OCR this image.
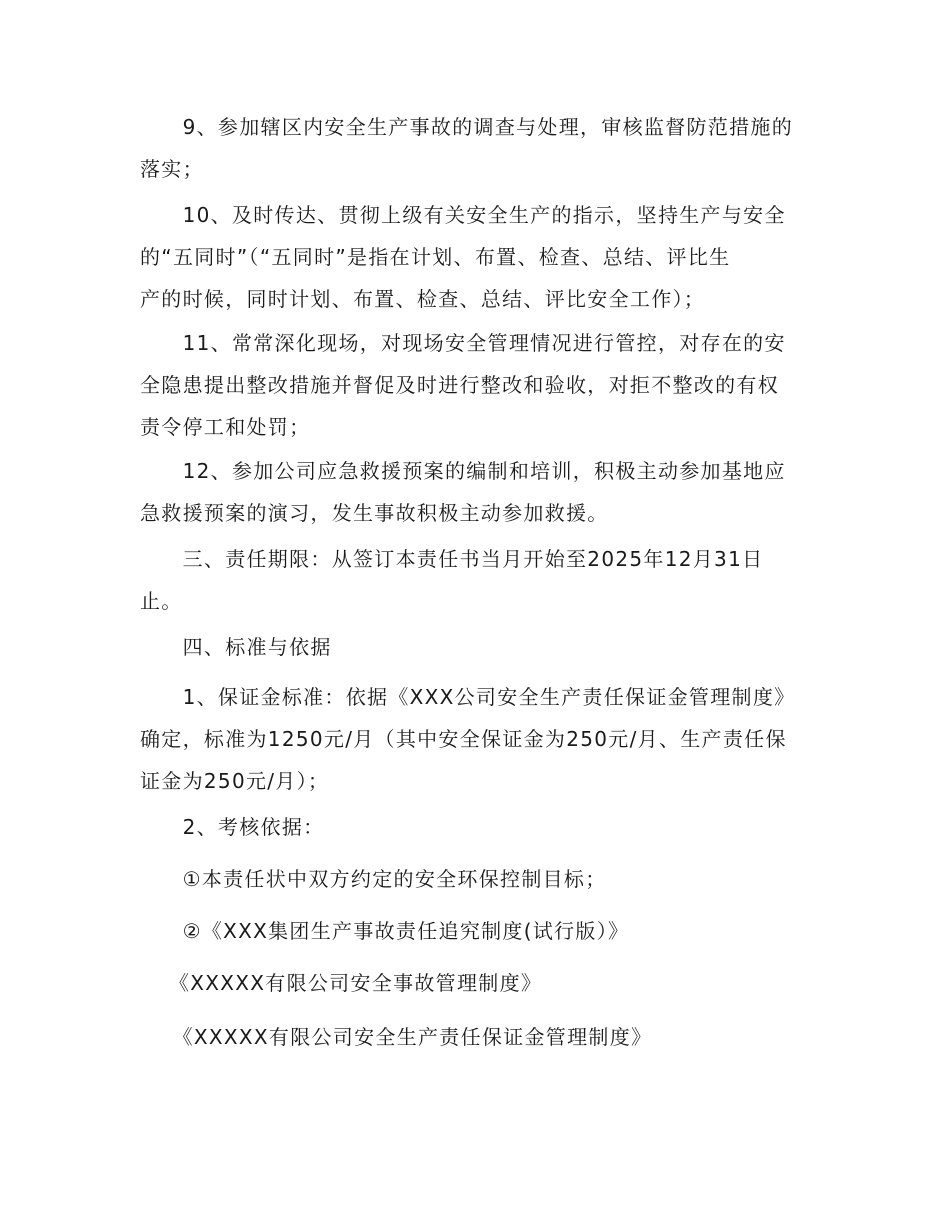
　　9、参加辖区内安全生产事故的调查与处理，审核监督防范措施的
落实；

　　10、及时传达、贯彻上级有关安全生产的指示，坚持生产与安全
的“五同时”（“五同时”是指在计划、布置、检查、总结、评比生
产的时候，同时计划、布置、检查、总结、评比安全工作）；

　　11、常常深化现场，对现场安全管理情况进行管控，对存在的安
全隐患提出整改措施并督促及时进行整改和验收，对拒不整改的有权
责令停工和处罚；

　　12、参加公司应急救援预案的编制和培训，积极主动参加基地应
急救援预案的演习，发生事故积极主动参加救援。

　　三、责任期限：从签订本责任书当月开始至2025年12月31日
止。

　　四、标准与依据

　　1、保证金标准：依据《XXX公司安全生产责任保证金管理制度》
确定，标准为1250元/月（其中安全保证金为250元/月、生产责任保
证金为250元/月）；

　　2、考核依据：

　　①本责任状中双方约定的安全环保控制目标；

　　②《XXX集团生产事故责任追究制度(试行版）》

　 《XXXXX有限公司安全事故管理制度》

　　《XXXXX有限公司安全生产责任保证金管理制度》
